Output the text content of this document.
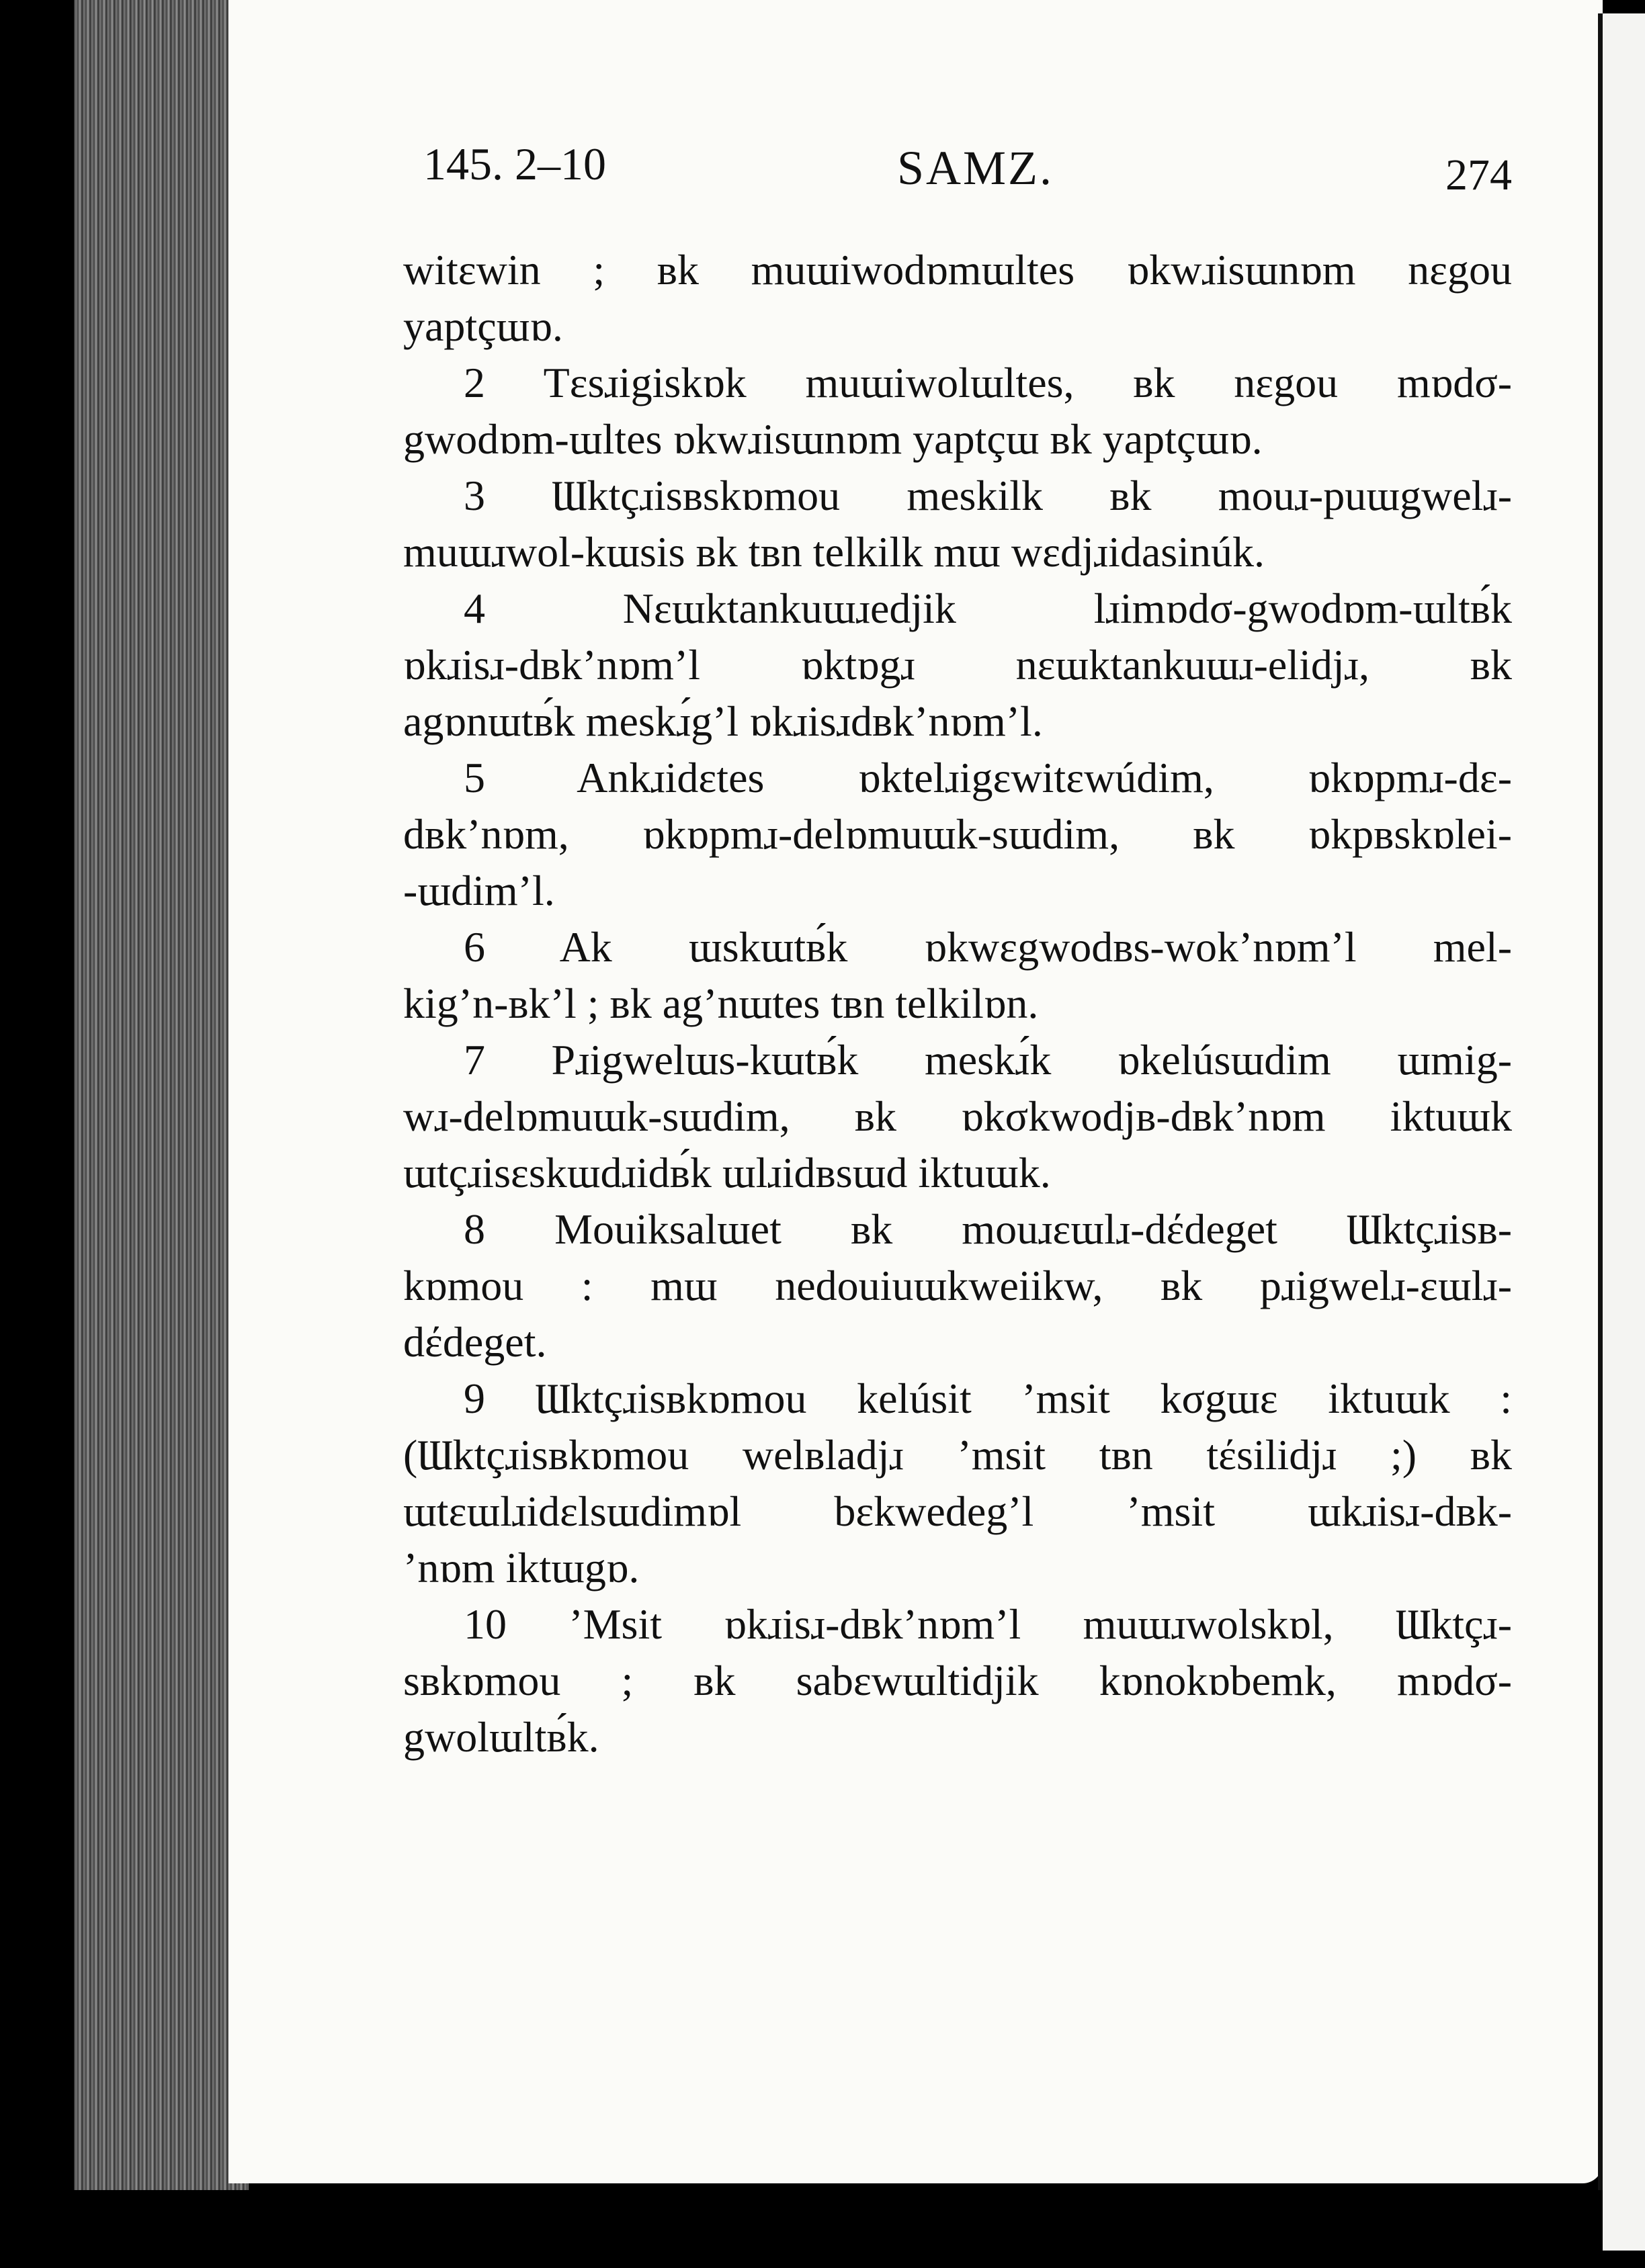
145. 2–10	SAMZ.	274
witεwin ; ʙk muɯiwodɒmɯltes ɒkwɹisɯnɒm nεgou
yaptçɯɒ.
2 Tεsɹigiskɒk muɯiwolɯltes, ʙk nεgou mɒdσ-
gwodɒm-ɯltes ɒkwɹisɯnɒm yaptçɯ ʙk yaptçɯɒ.
3 Ɯktçɹisʙskɒmou meskilk ʙk mouɹ-puɯgwelɹ-
muɯɹwol-kɯsis ʙk tʙn telkilk mɯ wεdjɹidasinúk.
4 Nεɯktankuɯɹedjik lɹimɒdσ-gwodɒm-ɯltʙ́k
ɒkɹisɹ-dʙk’nɒm’l ɒktɒgɹ nεɯktankuɯɹ-elidjɹ, ʙk
agɒnɯtʙ́k meskɹ́g’l ɒkɹisɹdʙk’nɒm’l.
5 Ankɹidεtes ɒktelɹigεwitεwúdim, ɒkɒpmɹ-dε-
dʙk’nɒm, ɒkɒpmɹ-delɒmuɯk-sɯdim, ʙk ɒkpʙskɒlei-
-ɯdim’l.
6 Ak ɯskɯtʙ́k ɒkwεgwodʙs-wok’nɒm’l mel-
kig’n-ʙk’l ; ʙk ag’nɯtes tʙn telkilɒn.
7 Pɹigwelɯs-kɯtʙ́k meskɹ́k ɒkelúsɯdim ɯmig-
wɹ-delɒmuɯk-sɯdim, ʙk ɒkσkwodjʙ-dʙk’nɒm iktuɯk
ɯtçɹisεskɯdɹidʙ́k ɯlɹidʙsɯd iktuɯk.
8 Mouiksalɯet ʙk mouɹεɯlɹ-dέdeget Ɯktçɹisʙ-
kɒmou : mɯ nedouiuɯkweiikw, ʙk pɹigwelɹ-εɯlɹ-
dέdeget.
9 Ɯktçɹisʙkɒmou kelúsit ’msit kσgɯε iktuɯk :
(Ɯktçɹisʙkɒmou welʙladjɹ ’msit tʙn tέsilidjɹ ;) ʙk
ɯtεɯlɹidεlsɯdimɒl bεkwedeg’l ’msit ɯkɹisɹ-dʙk-
’nɒm iktɯgɒ.
10 ’Msit ɒkɹisɹ-dʙk’nɒm’l muɯɹwolskɒl, Ɯktçɹ-
sʙkɒmou ; ʙk sabεwɯltidjik kɒnokɒbemk, mɒdσ-
gwolɯltʙ́k.
